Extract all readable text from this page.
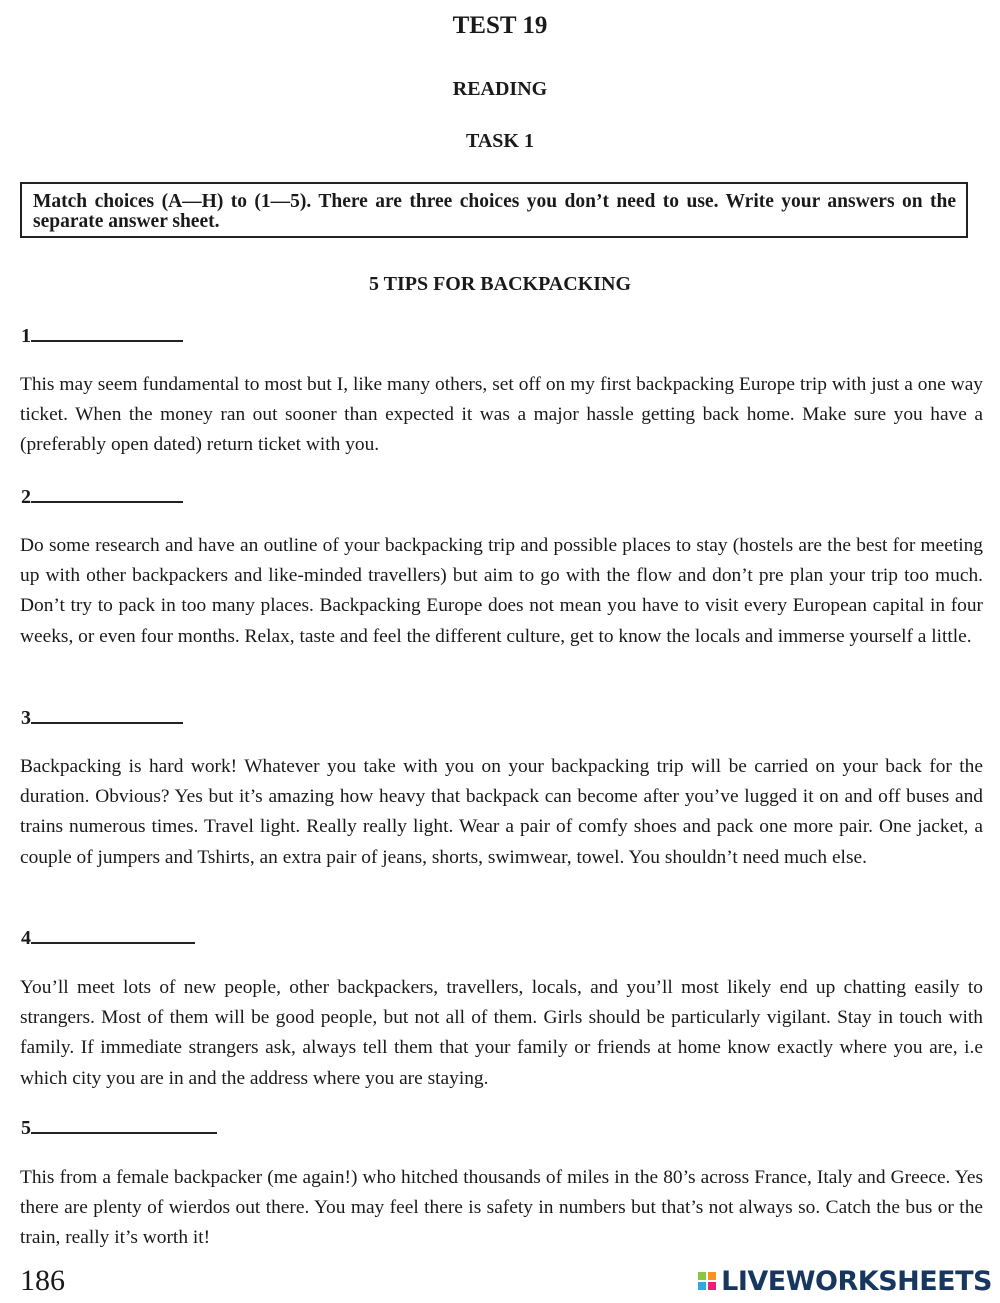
TEST 19
READING
TASK 1
Match choices (A—H) to (1—5). There are three choices you don’t need to use. Write your answers on the separate answer sheet.
5 TIPS FOR BACKPACKING
1
This may seem fundamental to most but I, like many others, set off on my first backpacking Europe trip with just a one way ticket. When the money ran out sooner than expected it was a major hassle getting back home. Make sure you have a (preferably open dated) return ticket with you.
2
Do some research and have an outline of your backpacking trip and possible places to stay (hostels are the best for meeting up with other backpackers and like-minded travellers) but aim to go with the flow and don’t pre plan your trip too much. Don’t try to pack in too many places. Backpacking Europe does not mean you have to visit every European capital in four weeks, or even four months. Relax, taste and feel the different culture, get to know the locals and immerse yourself a little.
3
Backpacking is hard work! Whatever you take with you on your backpacking trip will be carried on your back for the duration. Obvious? Yes but it’s amazing how heavy that backpack can become after you’ve lugged it on and off buses and trains numerous times. Travel light. Really really light. Wear a pair of comfy shoes and pack one more pair. One jacket, a couple of jumpers and Tshirts, an extra pair of jeans, shorts, swimwear, towel. You shouldn’t need much else.
4
You’ll meet lots of new people, other backpackers, travellers, locals, and you’ll most likely end up chatting easily to strangers. Most of them will be good people, but not all of them. Girls should be particularly vigilant. Stay in touch with family. If immediate strangers ask, always tell them that your family or friends at home know exactly where you are, i.e which city you are in and the address where you are staying.
5
This from a female backpacker (me again!) who hitched thousands of miles in the 80’s across France, Italy and Greece. Yes there are plenty of wierdos out there. You may feel there is safety in numbers but that’s not always so. Catch the bus or the train, really it’s worth it!
186	LIVEWORKSHEETS
